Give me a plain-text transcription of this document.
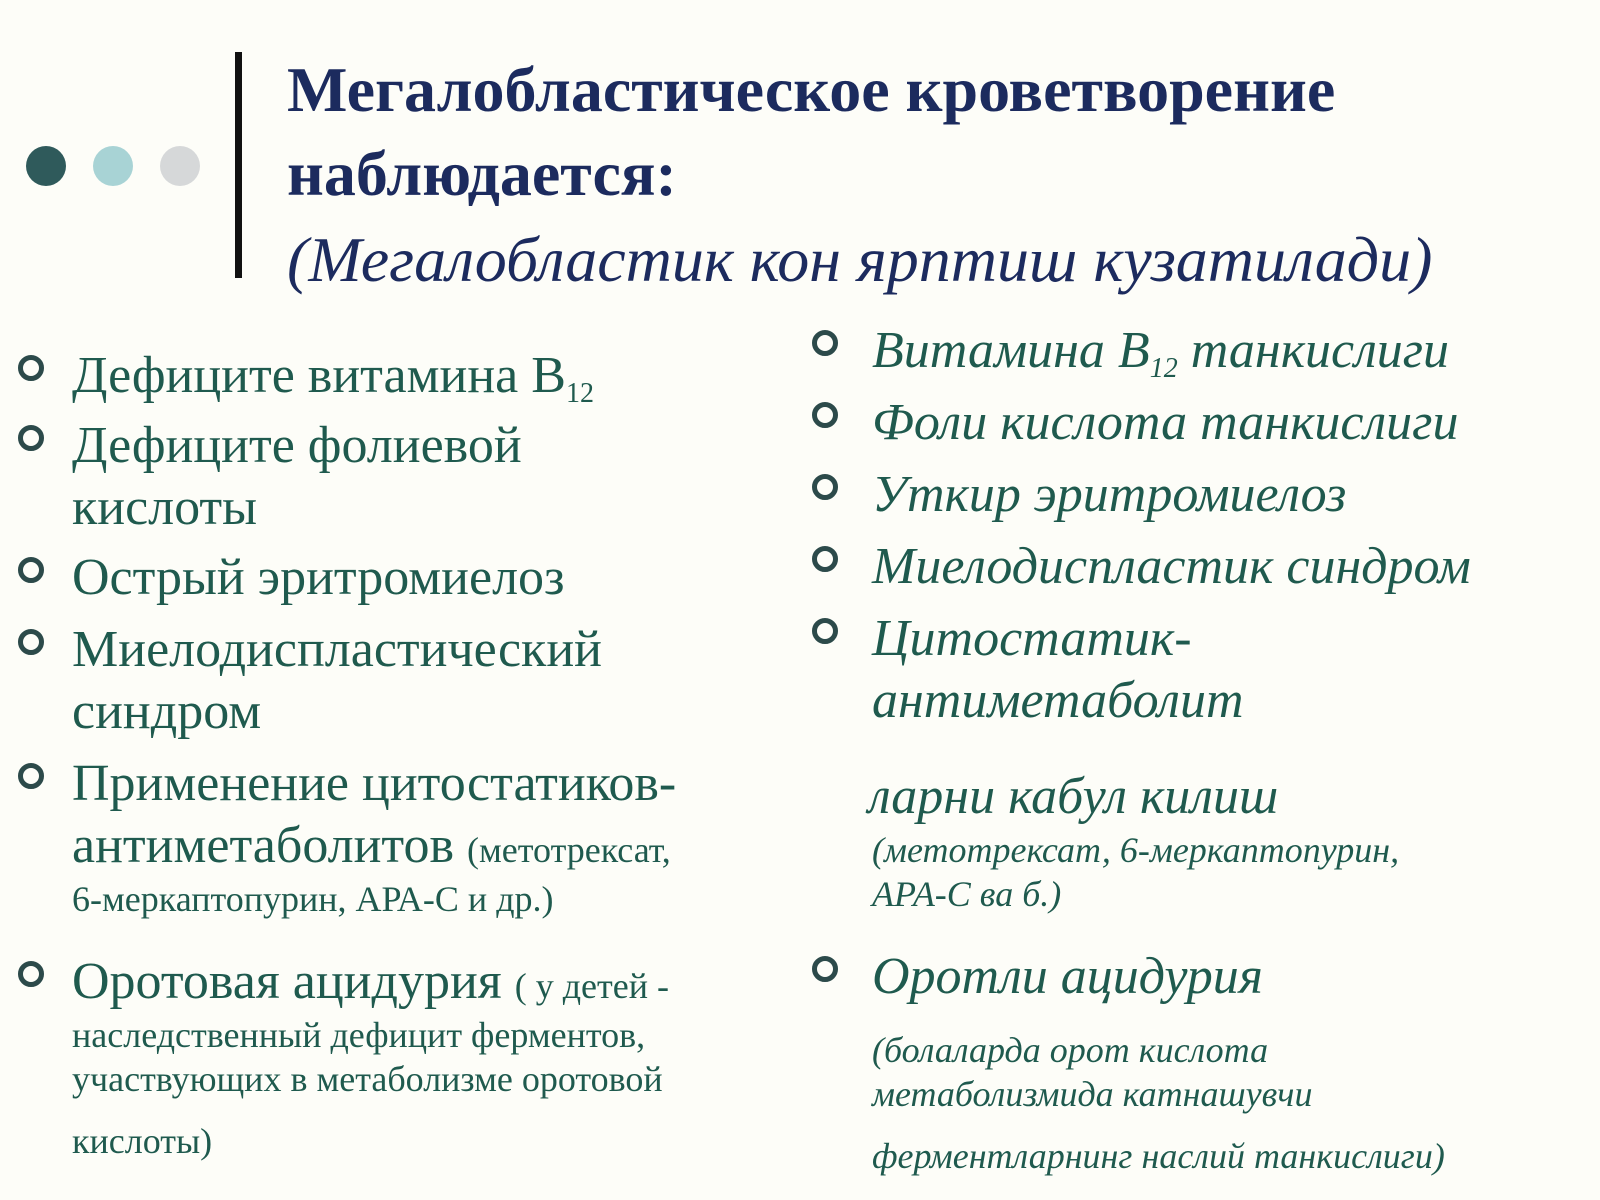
Мегалобластическое кроветворение
наблюдается:
(Мегалобластик кон ярптиш кузатилади)
Дефиците витамина $B_{12}$
Дефиците фолиевой
кислоты
Острый эритромиелоз
Миелодиспластический
синдром
Применение цитостатиков-
антиметаболитов (метотрексат,
6-меркаптопурин, АРА-С и др.)
Оротовая ацидурия ( у детей -
наследственный дефицит ферментов,
участвующих в метаболизме оротовой
кислоты)
Витамина $B_{12}$ танкислиги
Фоли кислота танкислиги
Уткир эритромиелоз
Миелодиспластик синдром
Цитостатик-
антиметаболит
ларни кабул килиш
(метотрексат, 6-меркаптопурин,
АРА-С ва б.)
Оротли ацидурия
(болаларда орот кислота
метаболизмида катнашувчи
ферментларнинг наслий танкислиги)
